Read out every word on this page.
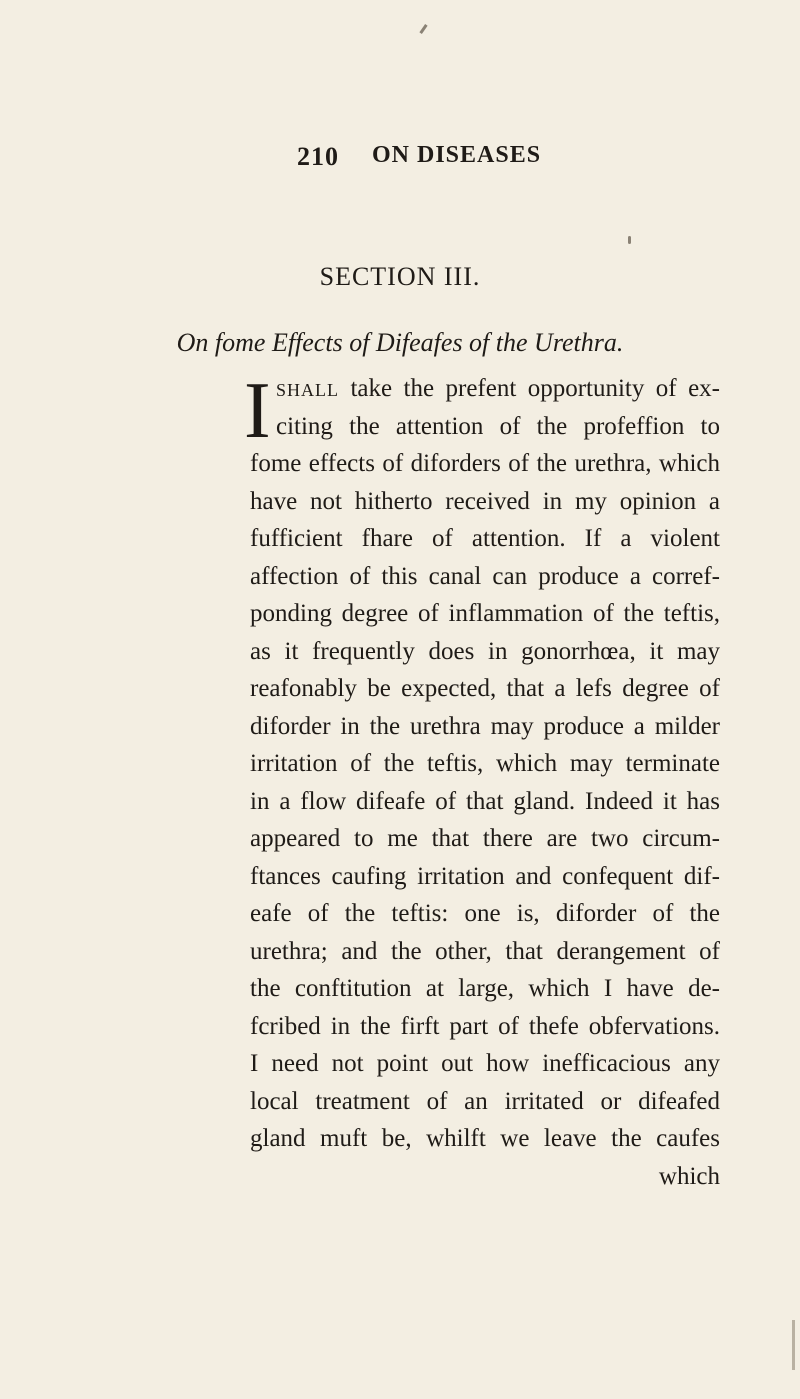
210 ON DISEASES
SECTION III.
On fome Effects of Difeafes of the Urethra.
I shall take the prefent opportunity of ex-
citing the attention of the profeffion to
fome effects of diforders of the urethra, which
have not hitherto received in my opinion a
fufficient fhare of attention. If a violent
affection of this canal can produce a corref-
ponding degree of inflammation of the teftis,
as it frequently does in gonorrhœa, it may
reafonably be expected, that a lefs degree of
diforder in the urethra may produce a milder
irritation of the teftis, which may terminate
in a flow difeafe of that gland. Indeed it has
appeared to me that there are two circum-
ftances caufing irritation and confequent dif-
eafe of the teftis: one is, diforder of the
urethra; and the other, that derangement of
the conftitution at large, which I have de-
fcribed in the firft part of thefe obfervations.
I need not point out how inefficacious any
local treatment of an irritated or difeafed
gland muft be, whilft we leave the caufes
which
